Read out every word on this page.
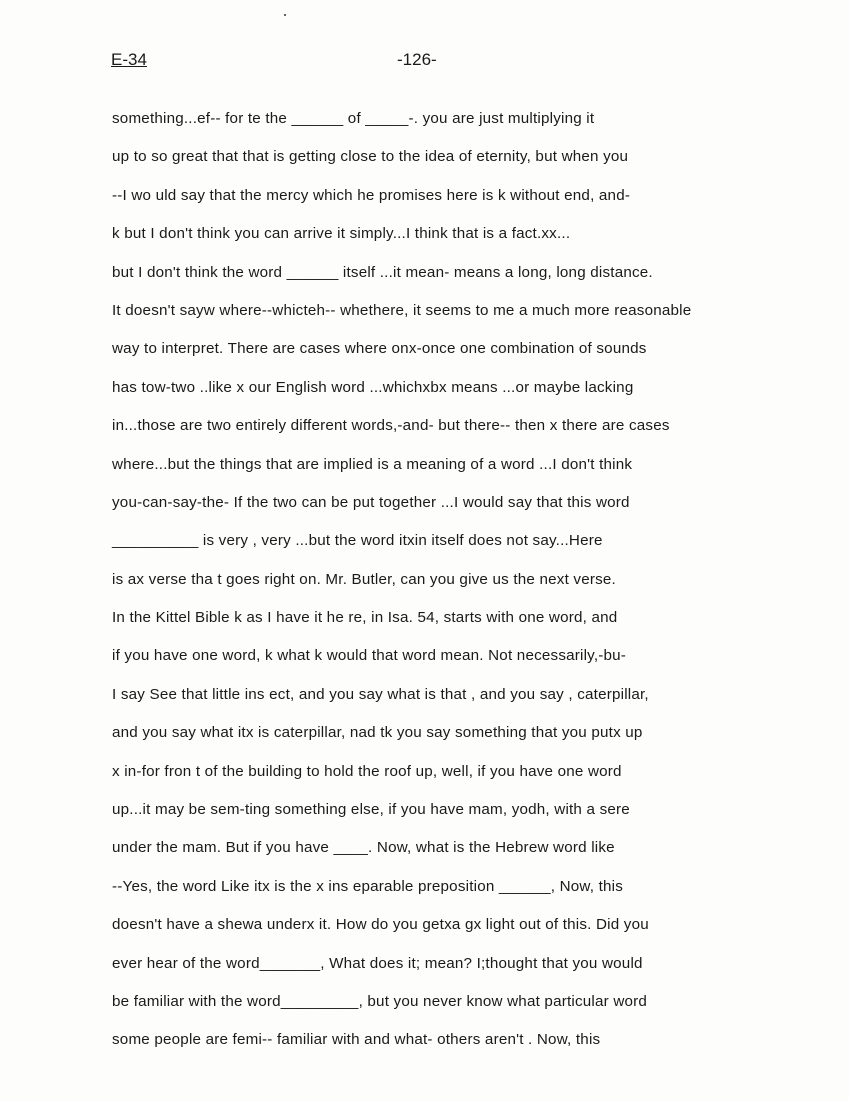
E-34	-126-
something...ef-- for te the ______ of _____-. you are just multiplying it
up to so great that that is getting close to the idea of eternity, but when you
--I wo uld say that the mercy which he promises here is k without end, and-
k but I don't think you can arrive it simply...I think that is a fact.xx...
but I don't think the word ______ itself ...it mean- means a long, long distance.
It doesn't sayw where--whicteh-- whethere, it seems to me a much more reasonable
way to interpret. There are cases where onx-once one combination of sounds
has tow-two ..like x our English word ...whichxbx means ...or maybe lacking
in...those are two entirely different words,-and- but there-- then x there are cases
where...but the things that are implied is a meaning of a word ...I don't think
you-can-say-the- If the two can be put together ...I would say that this word
__________ is very , very ...but the word itxin itself does not say...Here
is ax verse tha t goes right on. Mr. Butler, can you give us the next verse.
In the Kittel Bible k as I have it he re, in Isa. 54, starts with one word, and
if you have one word, k what k would that word mean. Not necessarily,-bu-
I say See that little ins ect, and you say what is that , and you say , caterpillar,
and you say what itx is caterpillar, nad tk you say something that you putx up
x in-for fron t of the building to hold the roof up, well, if you have one word
up...it may be sem-ting something else, if you have mam, yodh, with a sere
under the mam. But if you have ____. Now, what is the Hebrew word like
--Yes, the word Like itx is the x ins eparable preposition ______, Now, this
doesn't have a shewa underx it. How do you getxa gx light out of this. Did you
ever hear of the word_______, What does it; mean? I;thought that you would
be familiar with the word_________, but you never know what particular word
some people are femi-- familiar with and what- others aren't . Now, this
